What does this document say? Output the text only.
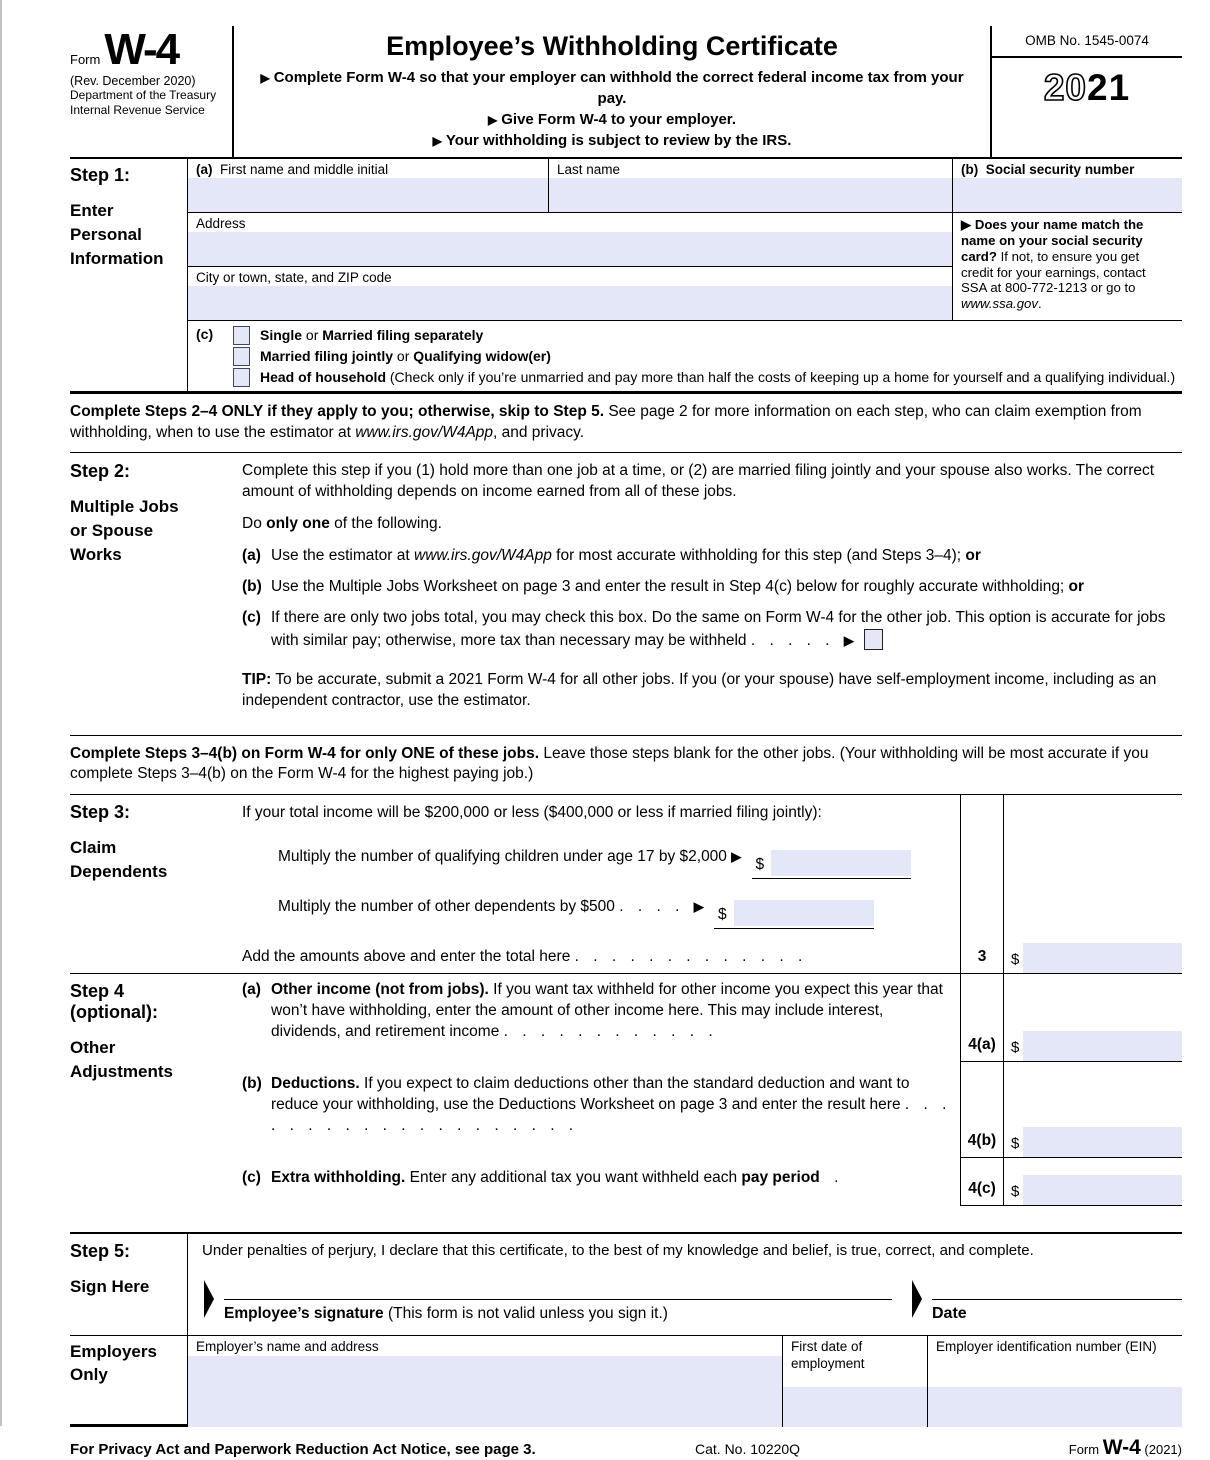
Form W-4
(Rev. December 2020)
Department of the Treasury
Internal Revenue Service
Employee’s Withholding Certificate
▶ Complete Form W-4 so that your employer can withhold the correct federal income tax from your pay.
▶ Give Form W-4 to your employer.
▶ Your withholding is subject to review by the IRS.
OMB No. 1545-0074
2021
Step 1:
Enter Personal Information
(a) First name and middle initial	Last name	(b) Social security number
Address
City or town, state, and ZIP code
▶ Does your name match the name on your social security card? If not, to ensure you get credit for your earnings, contact SSA at 800-772-1213 or go to www.ssa.gov.
(c)	Single or Married filing separately
Married filing jointly or Qualifying widow(er)
Head of household (Check only if you’re unmarried and pay more than half the costs of keeping up a home for yourself and a qualifying individual.)
Complete Steps 2–4 ONLY if they apply to you; otherwise, skip to Step 5. See page 2 for more information on each step, who can claim exemption from withholding, when to use the estimator at www.irs.gov/W4App, and privacy.
Step 2:
Multiple Jobs or Spouse Works

Complete this step if you (1) hold more than one job at a time, or (2) are married filing jointly and your spouse also works. The correct amount of withholding depends on income earned from all of these jobs.

Do only one of the following.

(a) Use the estimator at www.irs.gov/W4App for most accurate withholding for this step (and Steps 3–4); or
(b) Use the Multiple Jobs Worksheet on page 3 and enter the result in Step 4(c) below for roughly accurate withholding; or
(c) If there are only two jobs total, you may check this box. Do the same on Form W-4 for the other job. This option is accurate for jobs with similar pay; otherwise, more tax than necessary may be withheld . . . . . ▶

TIP: To be accurate, submit a 2021 Form W-4 for all other jobs. If you (or your spouse) have self-employment income, including as an independent contractor, use the estimator.

Complete Steps 3–4(b) on Form W-4 for only ONE of these jobs. Leave those steps blank for the other jobs. (Your withholding will be most accurate if you complete Steps 3–4(b) on the Form W-4 for the highest paying job.)
Step 3:
Claim Dependents
If your total income will be $200,000 or less ($400,000 or less if married filing jointly):
Multiply the number of qualifying children under age 17 by $2,000 ▶ $
Multiply the number of other dependents by $500 . . . . ▶ $
Add the amounts above and enter the total here . . . . . . . . . . . . .	3	$
Step 4
(optional):
Other Adjustments
(a) Other income (not from jobs). If you want tax withheld for other income you expect this year that won’t have withholding, enter the amount of other income here. This may include interest, dividends, and retirement income . . . . . . . . . . . .
4(a)	$
(b) Deductions. If you expect to claim deductions other than the standard deduction and want to reduce your withholding, use the Deductions Worksheet on page 3 and enter the result here . . . . . . . . . . . . . . . . . . . .
4(b) $
(c) Extra withholding. Enter any additional tax you want withheld each pay period .
4(c)	$
Step 5:
Sign Here
Under penalties of perjury, I declare that this certificate, to the best of my knowledge and belief, is true, correct, and complete.
Employee’s signature (This form is not valid unless you sign it.)	Date
Employers Only
Employer’s name and address	First date of employment
Employer identification number (EIN)
For Privacy Act and Paperwork Reduction Act Notice, see page 3.	Cat. No. 10220Q	Form W-4 (2021)
